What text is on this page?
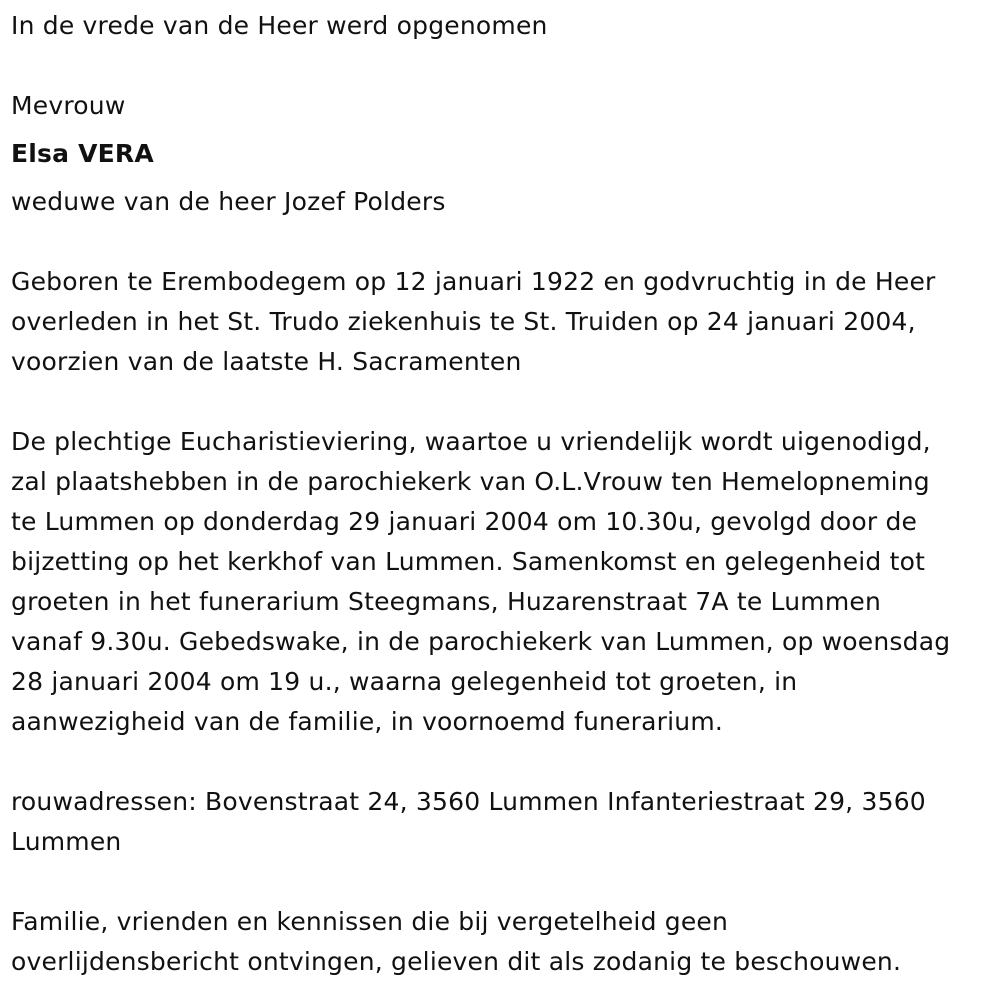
In de vrede van de Heer werd opgenomen

Mevrouw

Elsa VERA

weduwe van de heer Jozef Polders

Geboren te Erembodegem op 12 januari 1922 en godvruchtig in de Heer
overleden in het St. Trudo ziekenhuis te St. Truiden op 24 januari 2004,
voorzien van de laatste H. Sacramenten

De plechtige Eucharistieviering, waartoe u vriendelijk wordt uigenodigd,
zal plaatshebben in de parochiekerk van O.L.Vrouw ten Hemelopneming
te Lummen op donderdag 29 januari 2004 om 10.30u, gevolgd door de
bijzetting op het kerkhof van Lummen. Samenkomst en gelegenheid tot
groeten in het funerarium Steegmans, Huzarenstraat 7A te Lummen
vanaf 9.30u. Gebedswake, in de parochiekerk van Lummen, op woensdag
28 januari 2004 om 19 u., waarna gelegenheid tot groeten, in
aanwezigheid van de familie, in voornoemd funerarium.

rouwadressen: Bovenstraat 24, 3560 Lummen Infanteriestraat 29, 3560
Lummen

Familie, vrienden en kennissen die bij vergetelheid geen
overlijdensbericht ontvingen, gelieven dit als zodanig te beschouwen.
